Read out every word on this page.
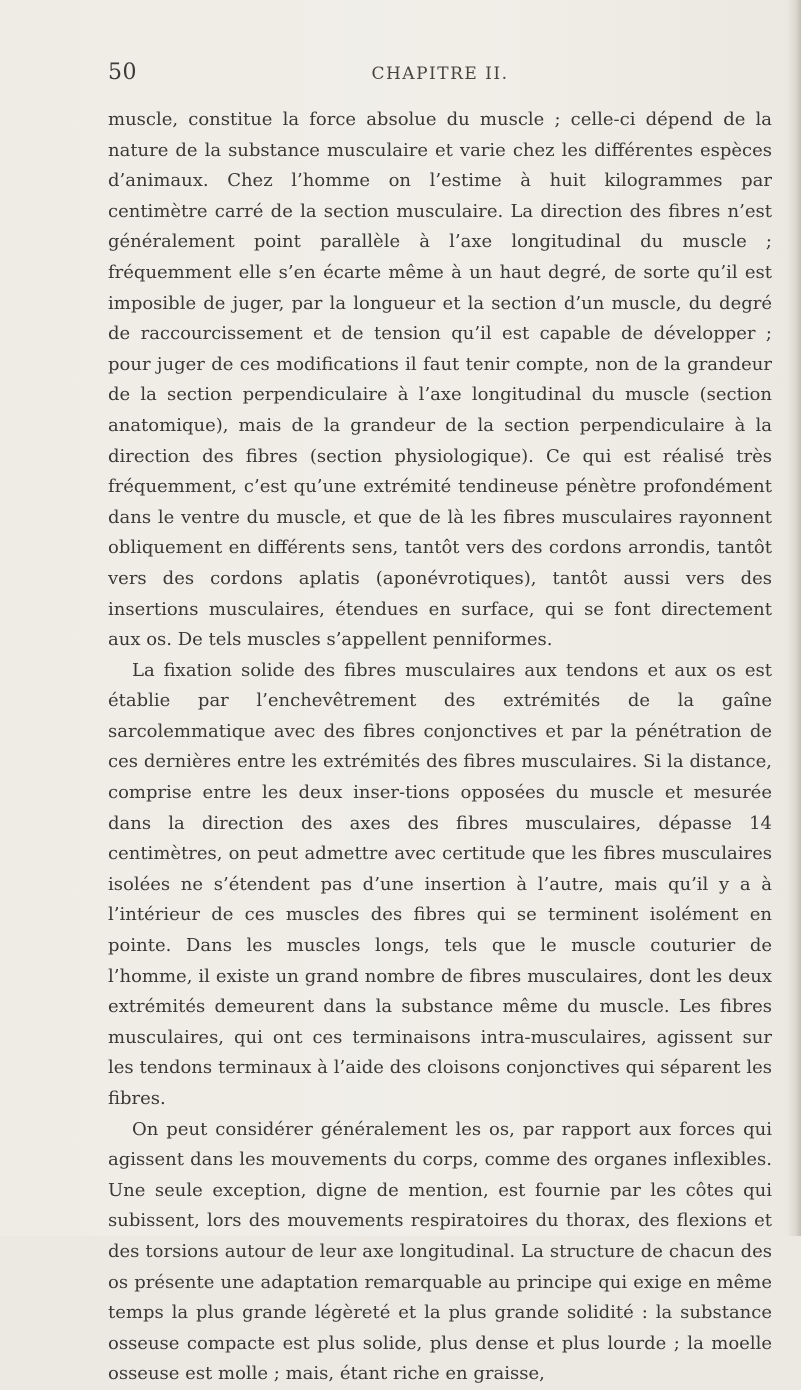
50	CHAPITRE II.

muscle, constitue la force absolue du muscle ; celle-ci dépend de la nature de la substance musculaire et varie chez les différentes espèces d’animaux. Chez l’homme on l’estime à huit kilogrammes par centimètre carré de la section musculaire. La direction des fibres n’est généralement point parallèle à l’axe longitudinal du muscle ; fréquemment elle s’en écarte même à un haut degré, de sorte qu’il est imposible de juger, par la longueur et la section d’un muscle, du degré de raccourcissement et de tension qu’il est capable de développer ; pour juger de ces modifications il faut tenir compte, non de la grandeur de la section perpendiculaire à l’axe longitudinal du muscle (section anatomique), mais de la grandeur de la section perpendiculaire à la direction des fibres (section physiologique). Ce qui est réalisé très fréquemment, c’est qu’une extrémité tendineuse pénètre profondément dans le ventre du muscle, et que de là les fibres musculaires rayonnent obliquement en différents sens, tantôt vers des cordons arrondis, tantôt vers des cordons aplatis (aponévrotiques), tantôt aussi vers des insertions musculaires, étendues en surface, qui se font directement aux os. De tels muscles s’appellent penniformes.

La fixation solide des fibres musculaires aux tendons et aux os est établie par l’enchevêtrement des extrémités de la gaîne sarcolemmatique avec des fibres conjonctives et par la pénétration de ces dernières entre les extrémités des fibres musculaires. Si la distance, comprise entre les deux inser-tions opposées du muscle et mesurée dans la direction des axes des fibres musculaires, dépasse 14 centimètres, on peut admettre avec certitude que les fibres musculaires isolées ne s’étendent pas d’une insertion à l’autre, mais qu’il y a à l’intérieur de ces muscles des fibres qui se terminent isolément en pointe. Dans les muscles longs, tels que le muscle couturier de l’homme, il existe un grand nombre de fibres musculaires, dont les deux extrémités demeurent dans la substance même du muscle. Les fibres musculaires, qui ont ces terminaisons intra-musculaires, agissent sur les tendons terminaux à l’aide des cloisons conjonctives qui séparent les fibres.

On peut considérer généralement les os, par rapport aux forces qui agissent dans les mouvements du corps, comme des organes inflexibles. Une seule exception, digne de mention, est fournie par les côtes qui subissent, lors des mouvements respiratoires du thorax, des flexions et des torsions autour de leur axe longitudinal. La structure de chacun des os présente une adaptation remarquable au principe qui exige en même temps la plus grande légèreté et la plus grande solidité : la substance osseuse compacte est plus solide, plus dense et plus lourde ; la moelle osseuse est molle ; mais, étant riche en graisse,
